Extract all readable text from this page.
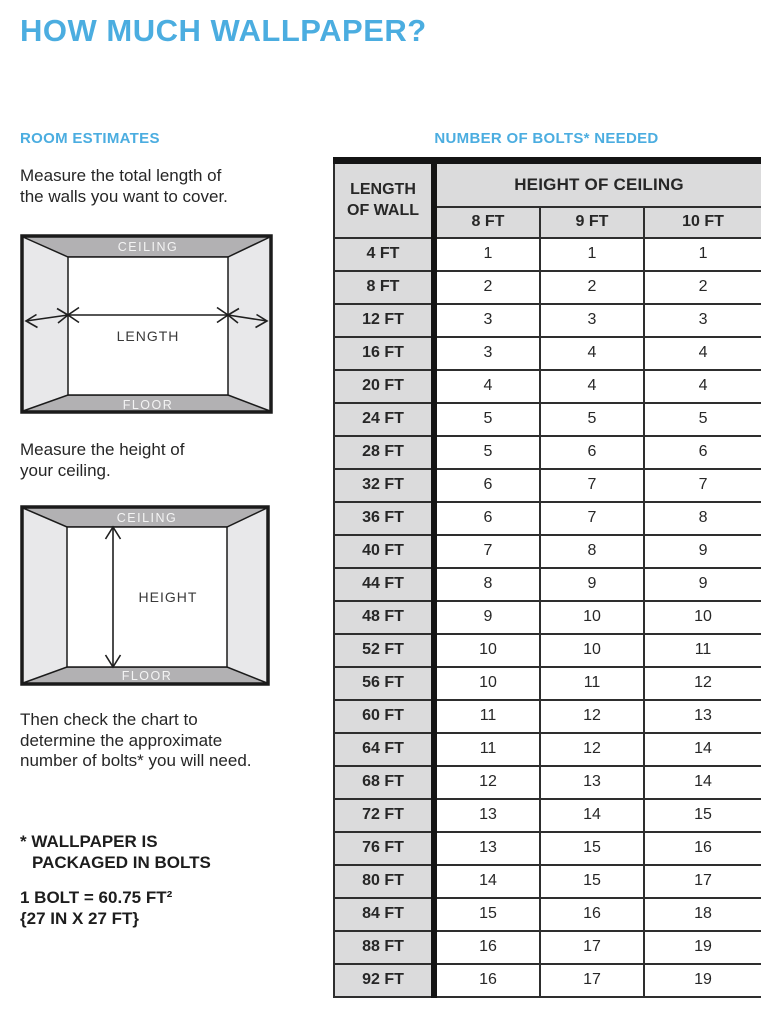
HOW MUCH WALLPAPER?
ROOM ESTIMATES	NUMBER OF BOLTS* NEEDED
Measure the total length of
the walls you want to cover.
CEILING
FLOOR
LENGTH
Measure the height of
your ceiling.
CEILING
FLOOR
HEIGHT
Then check the chart to
determine the approximate
number of bolts* you will need.
* WALLPAPER IS
PACKAGED IN BOLTS
1 BOLT = 60.75 FT²
{27 IN X 27 FT}
LENGTH
OF WALL	HEIGHT OF CEILING		
	8 FT	9 FT	10 FT
4 FT	1	1	1
8 FT	2	2	2
12 FT	3	3	3
16 FT	3	4	4
20 FT	4	4	4
24 FT	5	5	5
28 FT	5	6	6
32 FT	6	7	7
36 FT	6	7	8
40 FT	7	8	9
44 FT	8	9	9
48 FT	9	10	10
52 FT	10	10	11
56 FT	10	11	12
60 FT	11	12	13
64 FT	11	12	14
68 FT	12	13	14
72 FT	13	14	15
76 FT	13	15	16
80 FT	14	15	17
84 FT	15	16	18
88 FT	16	17	19
92 FT	16	17	19
